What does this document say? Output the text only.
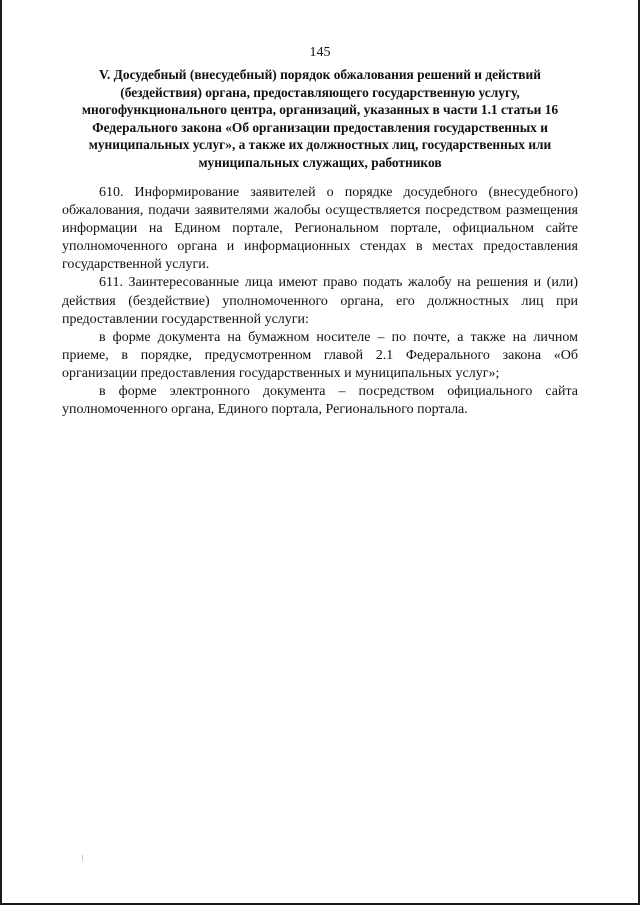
145
V. Досудебный (внесудебный) порядок обжалования решений и действий
(бездействия) органа, предоставляющего государственную услугу,
многофункционального центра, организаций, указанных в части 1.1 статьи 16
Федерального закона «Об организации предоставления государственных и
муниципальных услуг», а также их должностных лиц, государственных или
муниципальных служащих, работников

610. Информирование заявителей о порядке досудебного (внесудебного) обжалования, подачи заявителями жалобы осуществляется посредством размещения информации на Едином портале, Региональном портале, официальном сайте уполномоченного органа и информационных стендах в местах предоставления государственной услуги.

611. Заинтересованные лица имеют право подать жалобу на решения и (или) действия (бездействие) уполномоченного органа, его должностных лиц при предоставлении государственной услуги:

в форме документа на бумажном носителе – по почте, а также на личном приеме, в порядке, предусмотренном главой 2.1 Федерального закона «Об организации предоставления государственных и муниципальных услуг»;

в форме электронного документа – посредством официального сайта уполномоченного органа, Единого портала, Регионального портала.
